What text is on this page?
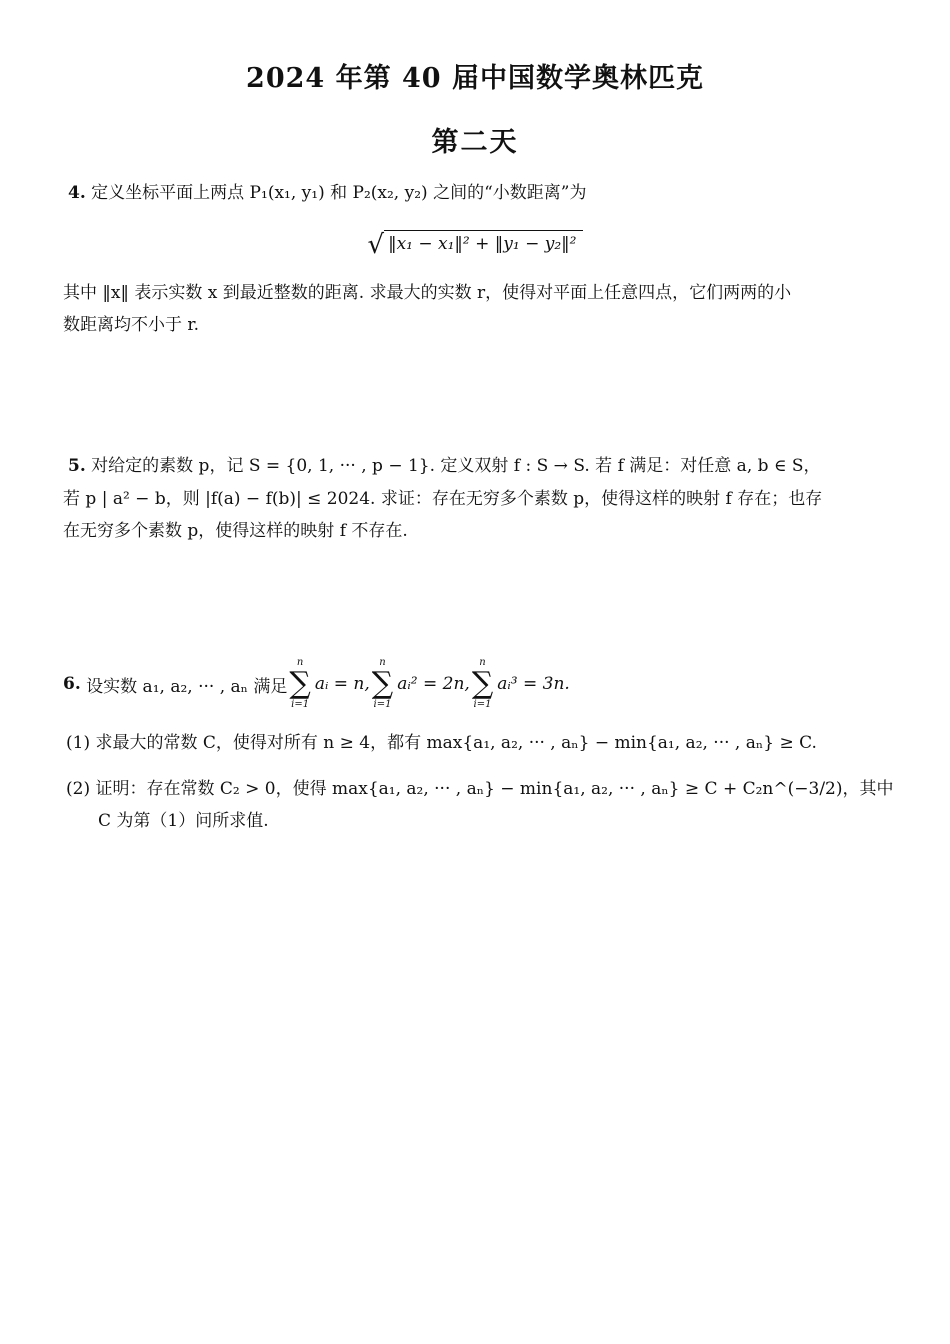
2024 年第 40 届中国数学奥林匹克
第二天
4. 定义坐标平面上两点 P₁(x₁, y₁) 和 P₂(x₂, y₂) 之间的“小数距离”为
√ ‖x₁ − x₁‖² + ‖y₁ − y₂‖²
其中 ‖x‖ 表示实数 x 到最近整数的距离. 求最大的实数 r，使得对平面上任意四点，它们两两的小
数距离均不小于 r.
5. 对给定的素数 p，记 S = {0, 1, ··· , p − 1}. 定义双射 f : S → S. 若 f 满足：对任意 a, b ∈ S，
若 p | a² − b，则 |f(a) − f(b)| ≤ 2024. 求证：存在无穷多个素数 p，使得这样的映射 f 存在；也存
在无穷多个素数 p，使得这样的映射 f 不存在.
6.
设实数 a₁, a₂, ··· , aₙ 满足
n
∑
i=1
aᵢ = n,
n
∑
i=1
aᵢ² = 2n,
n
∑
i=1
aᵢ³ = 3n.
(1) 求最大的常数 C，使得对所有 n ≥ 4，都有 max{a₁, a₂, ··· , aₙ} − min{a₁, a₂, ··· , aₙ} ≥ C.
(2) 证明：存在常数 C₂ > 0，使得 max{a₁, a₂, ··· , aₙ} − min{a₁, a₂, ··· , aₙ} ≥ C + C₂n^(−3/2)，其中
C 为第（1）问所求值.
